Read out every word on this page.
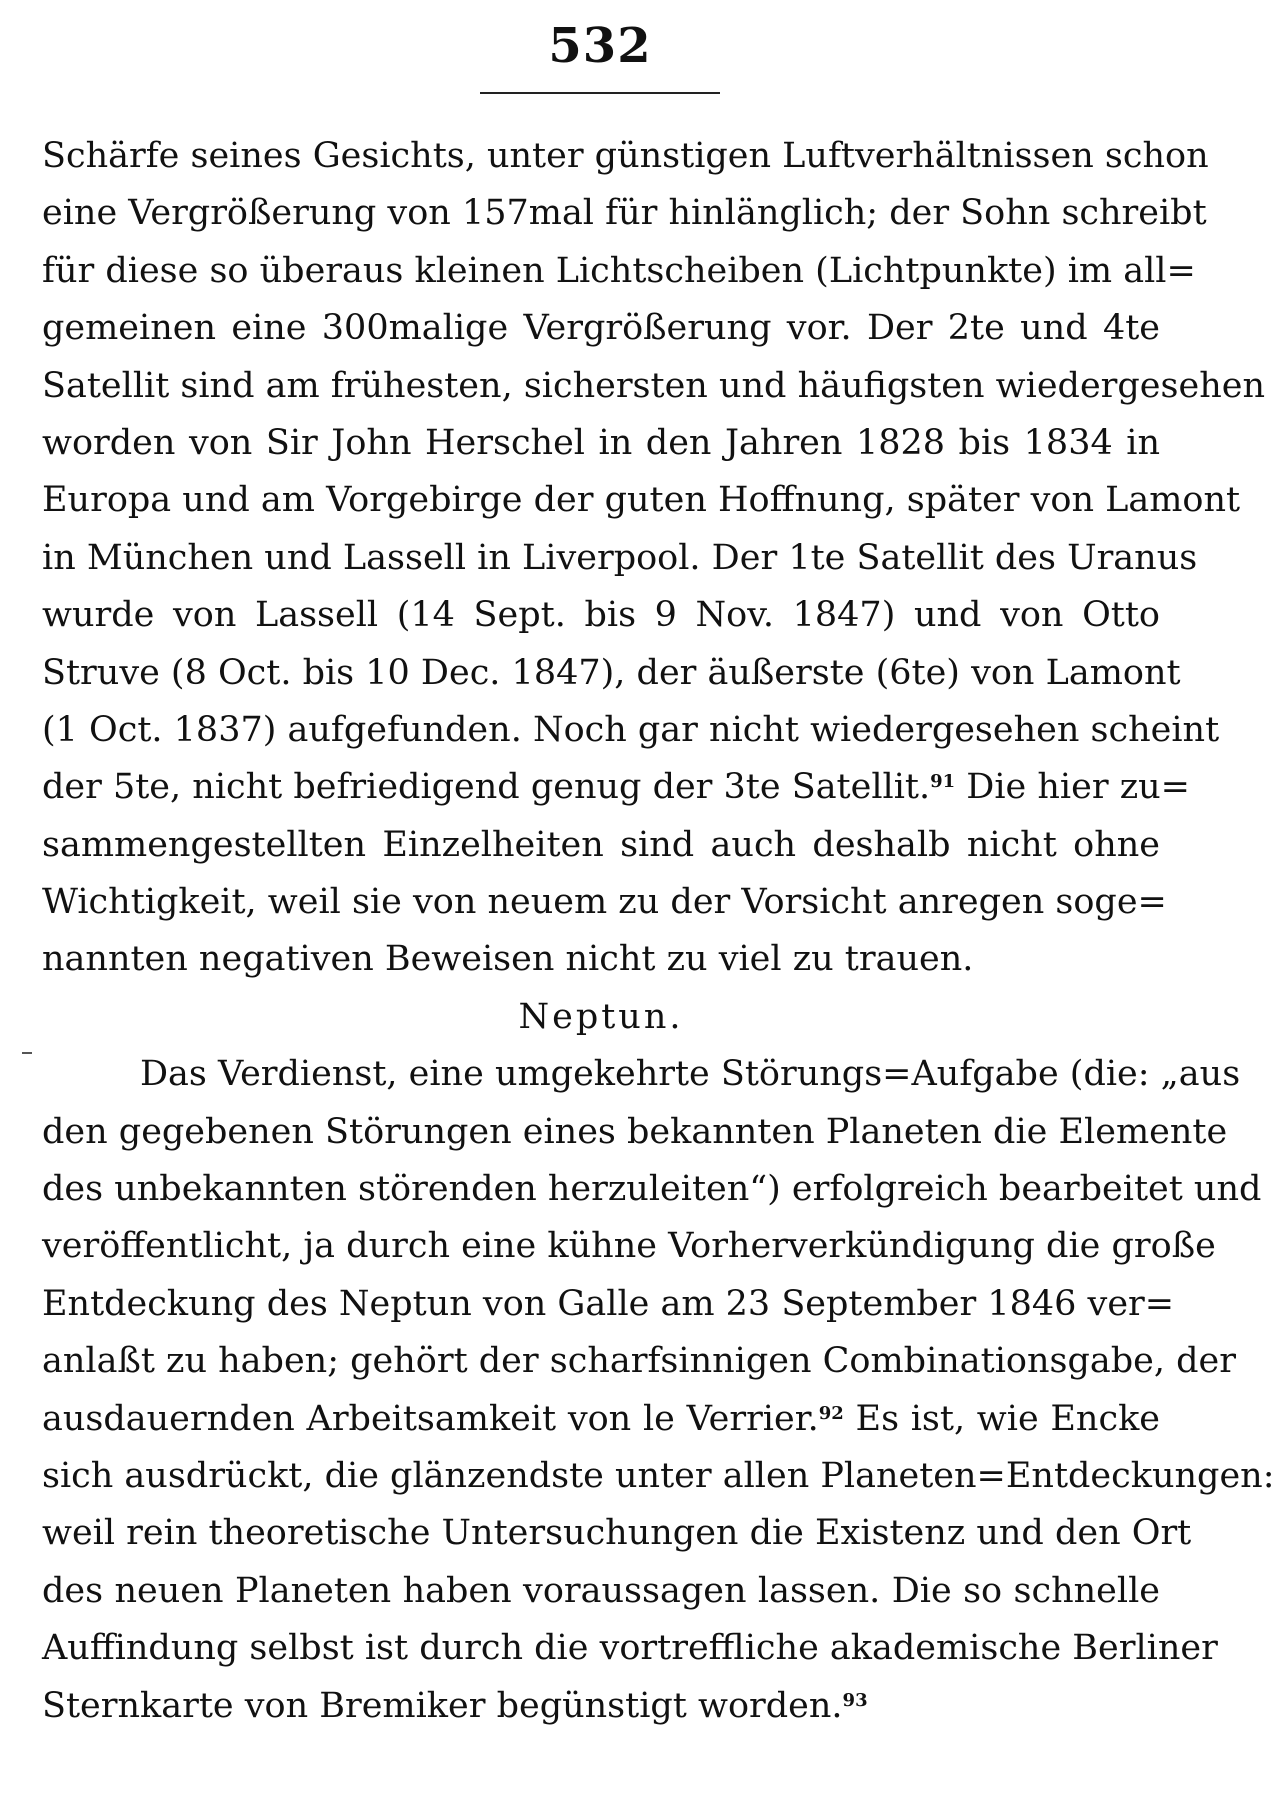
532
Schärfe seines Gesichts, unter günstigen Luftverhältnissen schon
eine Vergrößerung von 157mal für hinlänglich; der Sohn schreibt
für diese so überaus kleinen Lichtscheiben (Lichtpunkte) im all=
gemeinen eine 300malige Vergrößerung vor. Der 2te und 4te
Satellit sind am frühesten, sichersten und häufigsten wiedergesehen
worden von Sir John Herschel in den Jahren 1828 bis 1834 in
Europa und am Vorgebirge der guten Hoffnung, später von Lamont
in München und Lassell in Liverpool. Der 1te Satellit des Uranus
wurde von Lassell (14 Sept. bis 9 Nov. 1847) und von Otto
Struve (8 Oct. bis 10 Dec. 1847), der äußerste (6te) von Lamont
(1 Oct. 1837) aufgefunden. Noch gar nicht wiedergesehen scheint
der 5te, nicht befriedigend genug der 3te Satellit.$^{91}$ Die hier zu=
sammengestellten Einzelheiten sind auch deshalb nicht ohne
Wichtigkeit, weil sie von neuem zu der Vorsicht anregen soge=
nannten negativen Beweisen nicht zu viel zu trauen.
Neptun.
Das Verdienst, eine umgekehrte Störungs=Aufgabe (die: „aus
den gegebenen Störungen eines bekannten Planeten die Elemente
des unbekannten störenden herzuleiten“) erfolgreich bearbeitet und
veröffentlicht, ja durch eine kühne Vorherverkündigung die große
Entdeckung des Neptun von Galle am 23 September 1846 ver=
anlaßt zu haben; gehört der scharfsinnigen Combinationsgabe, der
ausdauernden Arbeitsamkeit von le Verrier.$^{92}$ Es ist, wie Encke
sich ausdrückt, die glänzendste unter allen Planeten=Entdeckungen:
weil rein theoretische Untersuchungen die Existenz und den Ort
des neuen Planeten haben voraussagen lassen. Die so schnelle
Auffindung selbst ist durch die vortreffliche akademische Berliner
Sternkarte von Bremiker begünstigt worden.$^{93}$
